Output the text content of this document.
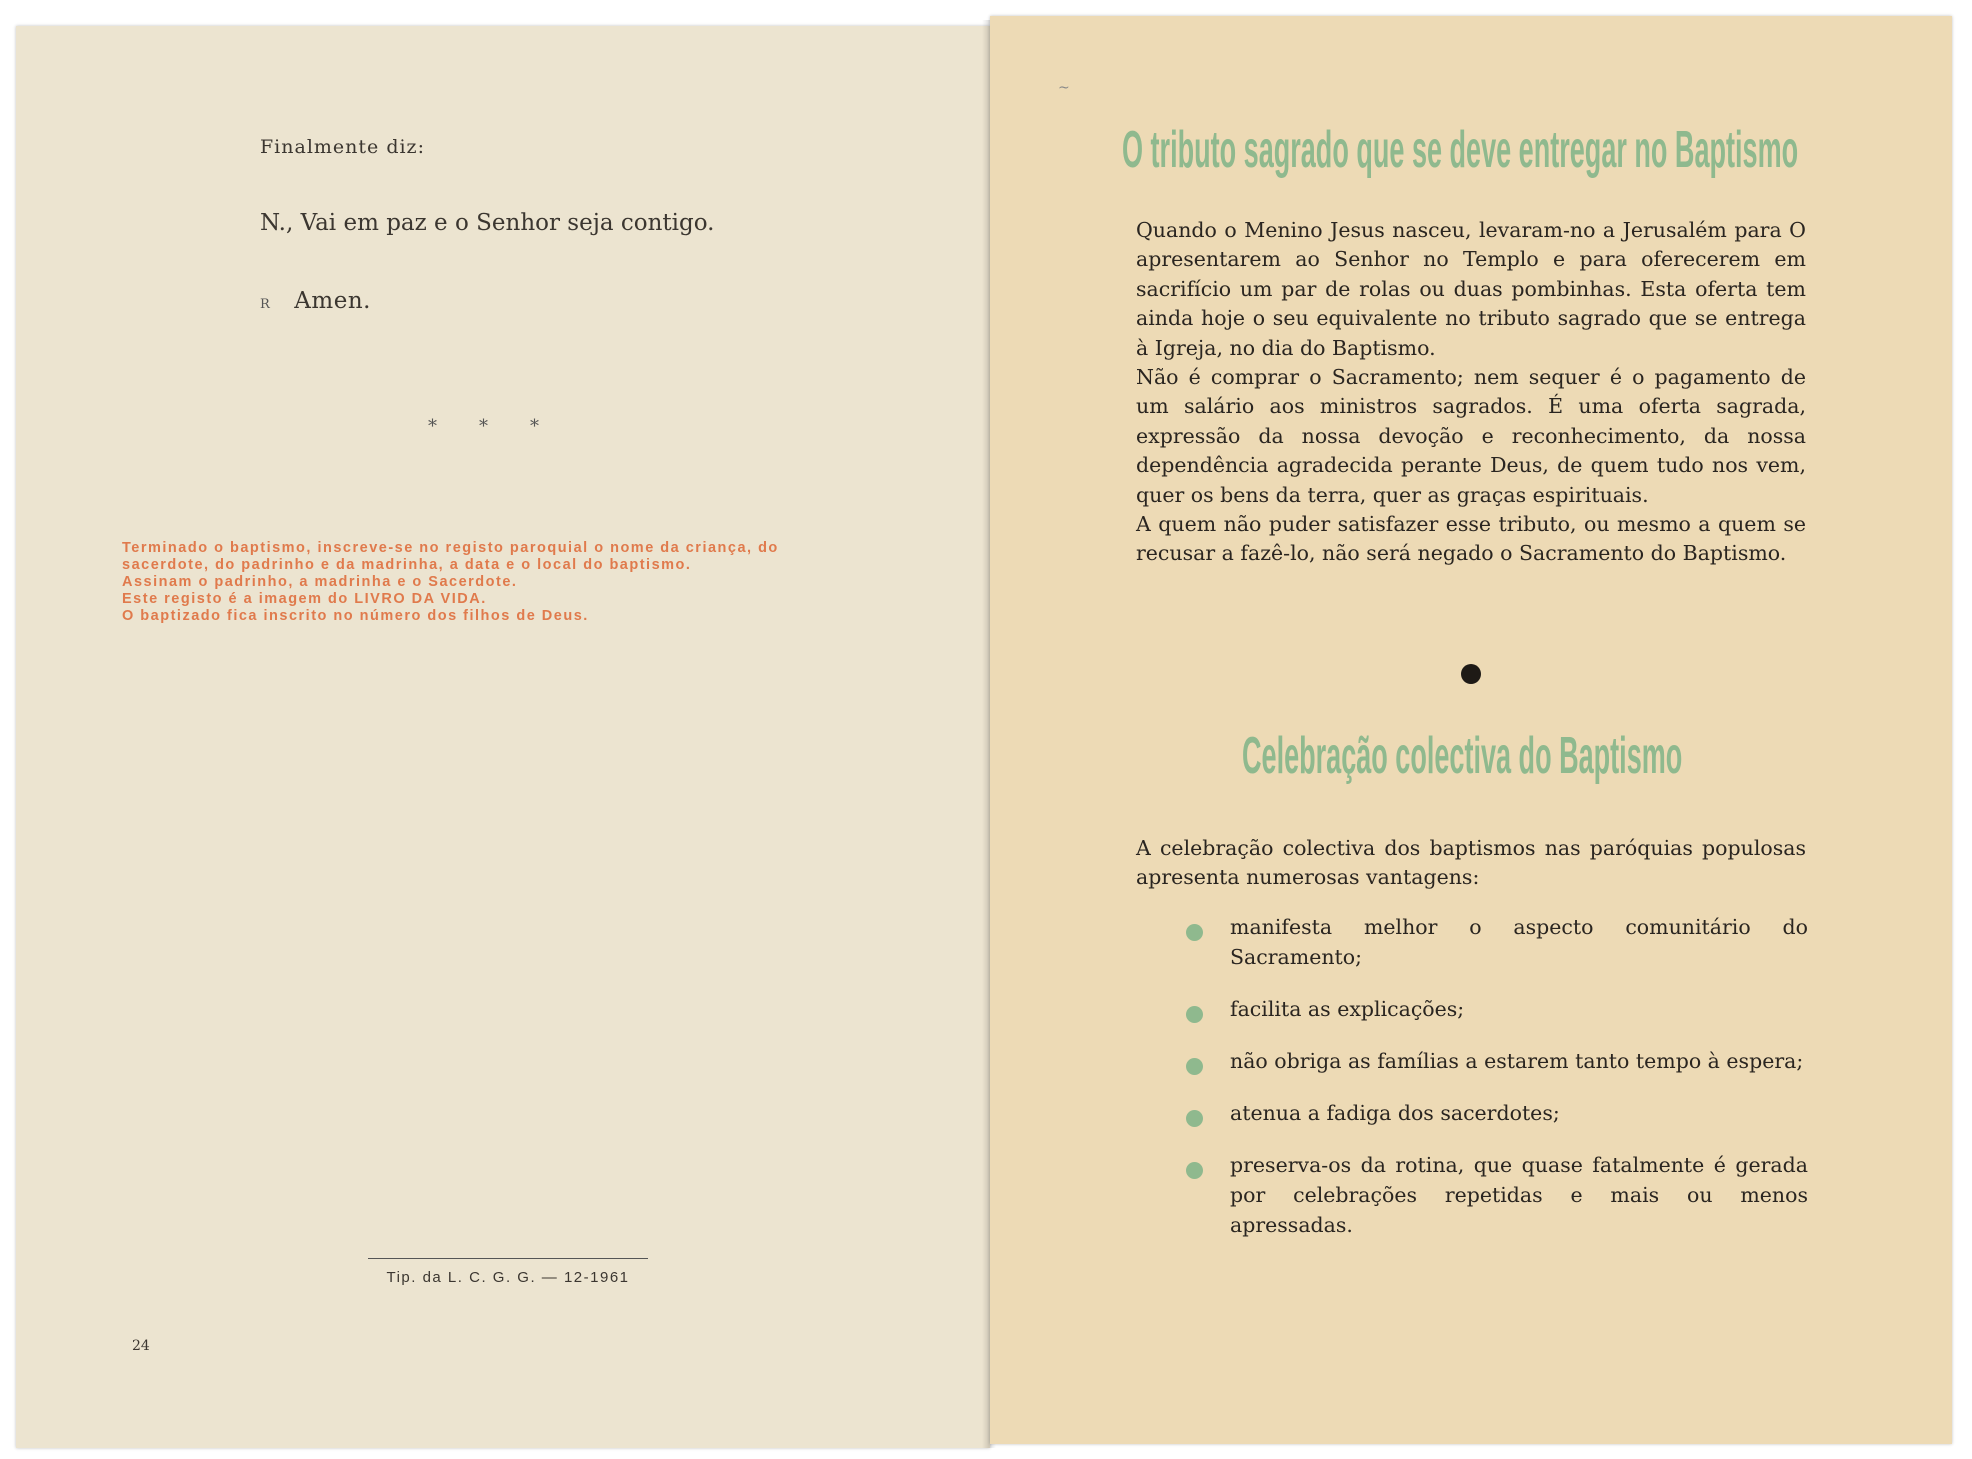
Finalmente diz:

N., Vai em paz e o Senhor seja contigo.

R Amen.

* * *

Terminado o baptismo, inscreve-se no registo paroquial o nome da criança, do
sacerdote, do padrinho e da madrinha, a data e o local do baptismo.
Assinam o padrinho, a madrinha e o Sacerdote.
Este registo é a imagem do LIVRO DA VIDA.
O baptizado fica inscrito no número dos filhos de Deus.

Tip. da L. C. G. G. — 12-1961

24

~

O tributo sagrado que se deve entregar no Baptismo

Quando o Menino Jesus nasceu, levaram-no a Jerusalém para O apresentarem ao Senhor no Templo e para oferecerem em sacrifício um par de rolas ou duas pombinhas. Esta oferta tem ainda hoje o seu equivalente no tributo sagrado que se entrega à Igreja, no dia do Baptismo.

Não é comprar o Sacramento; nem sequer é o pagamento de um salário aos ministros sagrados. É uma oferta sagrada, expressão da nossa devoção e reconhecimento, da nossa dependência agradecida perante Deus, de quem tudo nos vem, quer os bens da terra, quer as graças espirituais.

A quem não puder satisfazer esse tributo, ou mesmo a quem se recusar a fazê-lo, não será negado o Sacramento do Baptismo.

Celebração colectiva do Baptismo

A celebração colectiva dos baptismos nas paróquias populosas apresenta numerosas vantagens:

manifesta melhor o aspecto comunitário do Sacramento;
facilita as explicações;
não obriga as famílias a estarem tanto tempo à espera;
atenua a fadiga dos sacerdotes;
preserva-os da rotina, que quase fatalmente é gerada por celebrações repetidas e mais ou menos apressadas.
